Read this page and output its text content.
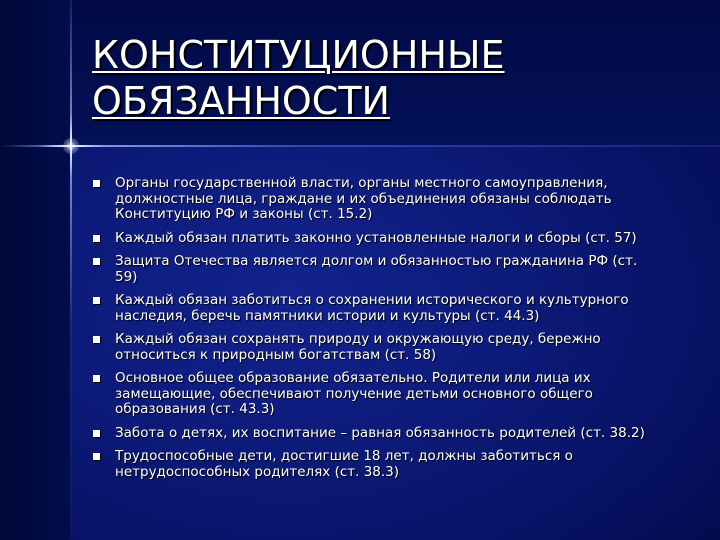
КОНСТИТУЦИОННЫЕ
ОБЯЗАННОСТИ
Органы государственной власти, органы местного самоуправления, должностные лица, граждане и их объединения обязаны соблюдать Конституцию РФ и законы (ст. 15.2)
Каждый обязан платить законно установленные налоги и сборы (ст. 57)
Защита Отечества является долгом и обязанностью гражданина РФ (ст. 59)
Каждый обязан заботиться о сохранении исторического и культурного наследия, беречь памятники истории и культуры (ст. 44.3)
Каждый обязан сохранять природу и окружающую среду, бережно относиться к природным богатствам (ст. 58)
Основное общее образование обязательно. Родители или лица их замещающие, обеспечивают получение детьми основного общего образования (ст. 43.3)
Забота о детях, их воспитание – равная обязанность родителей (ст. 38.2)
Трудоспособные дети, достигшие 18 лет, должны заботиться о нетрудоспособных родителях (ст. 38.3)
